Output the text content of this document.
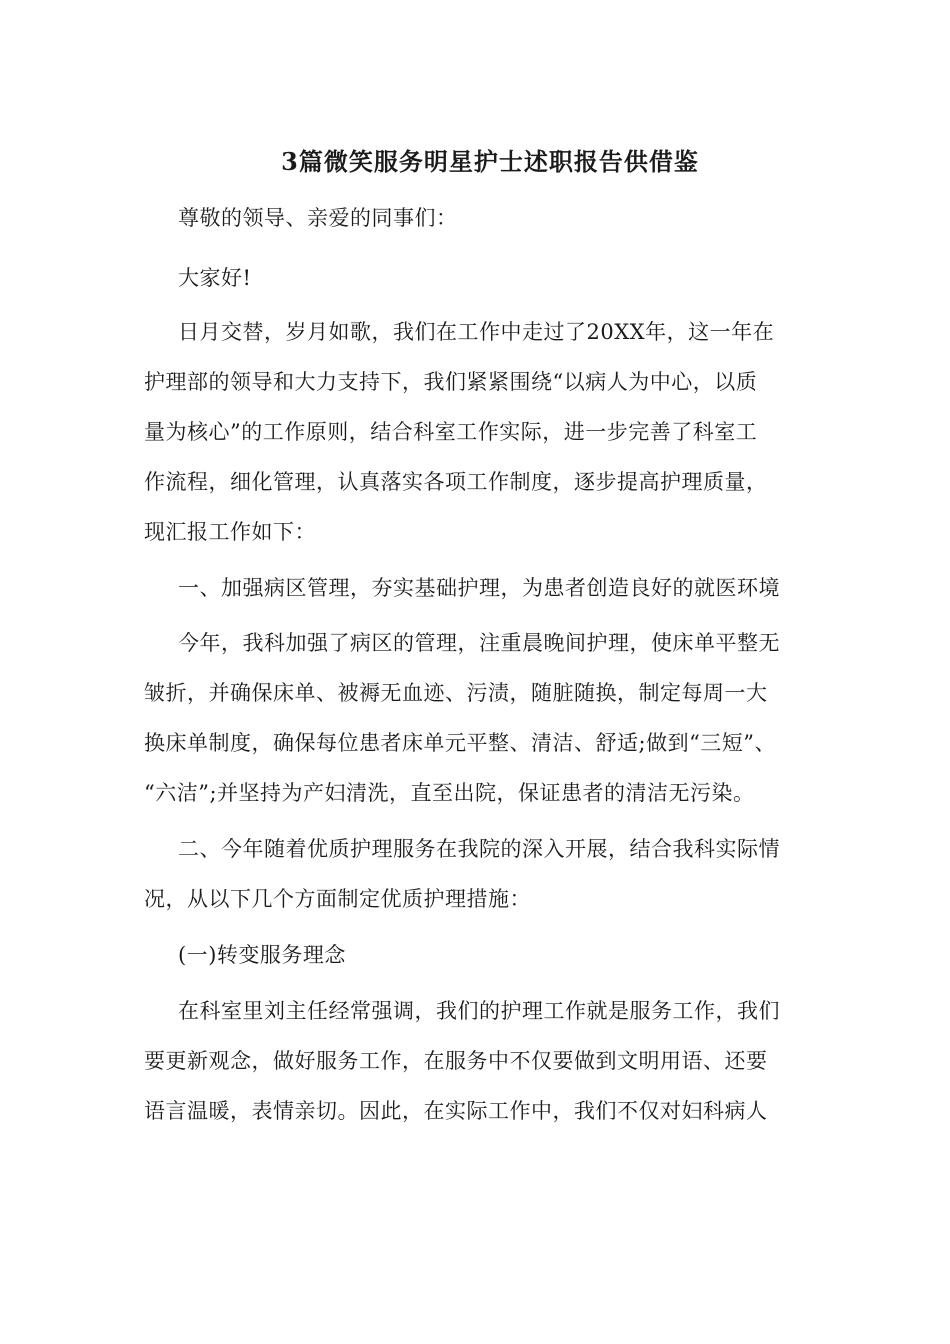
3篇微笑服务明星护士述职报告供借鉴
尊敬的领导、亲爱的同事们：
大家好!
日月交替，岁月如歌，我们在工作中走过了20XX年，这一年在
护理部的领导和大力支持下，我们紧紧围绕“以病人为中心，以质
量为核心”的工作原则，结合科室工作实际，进一步完善了科室工
作流程，细化管理，认真落实各项工作制度，逐步提高护理质量，
现汇报工作如下：
一、加强病区管理，夯实基础护理，为患者创造良好的就医环境
今年，我科加强了病区的管理，注重晨晚间护理，使床单平整无
皱折，并确保床单、被褥无血迹、污渍，随脏随换，制定每周一大
换床单制度，确保每位患者床单元平整、清洁、舒适;做到“三短”、
“六洁”;并坚持为产妇清洗，直至出院，保证患者的清洁无污染。
二、今年随着优质护理服务在我院的深入开展，结合我科实际情
况，从以下几个方面制定优质护理措施：
(一)转变服务理念
在科室里刘主任经常强调，我们的护理工作就是服务工作，我们
要更新观念，做好服务工作，在服务中不仅要做到文明用语、还要
语言温暖，表情亲切。因此，在实际工作中，我们不仅对妇科病人
